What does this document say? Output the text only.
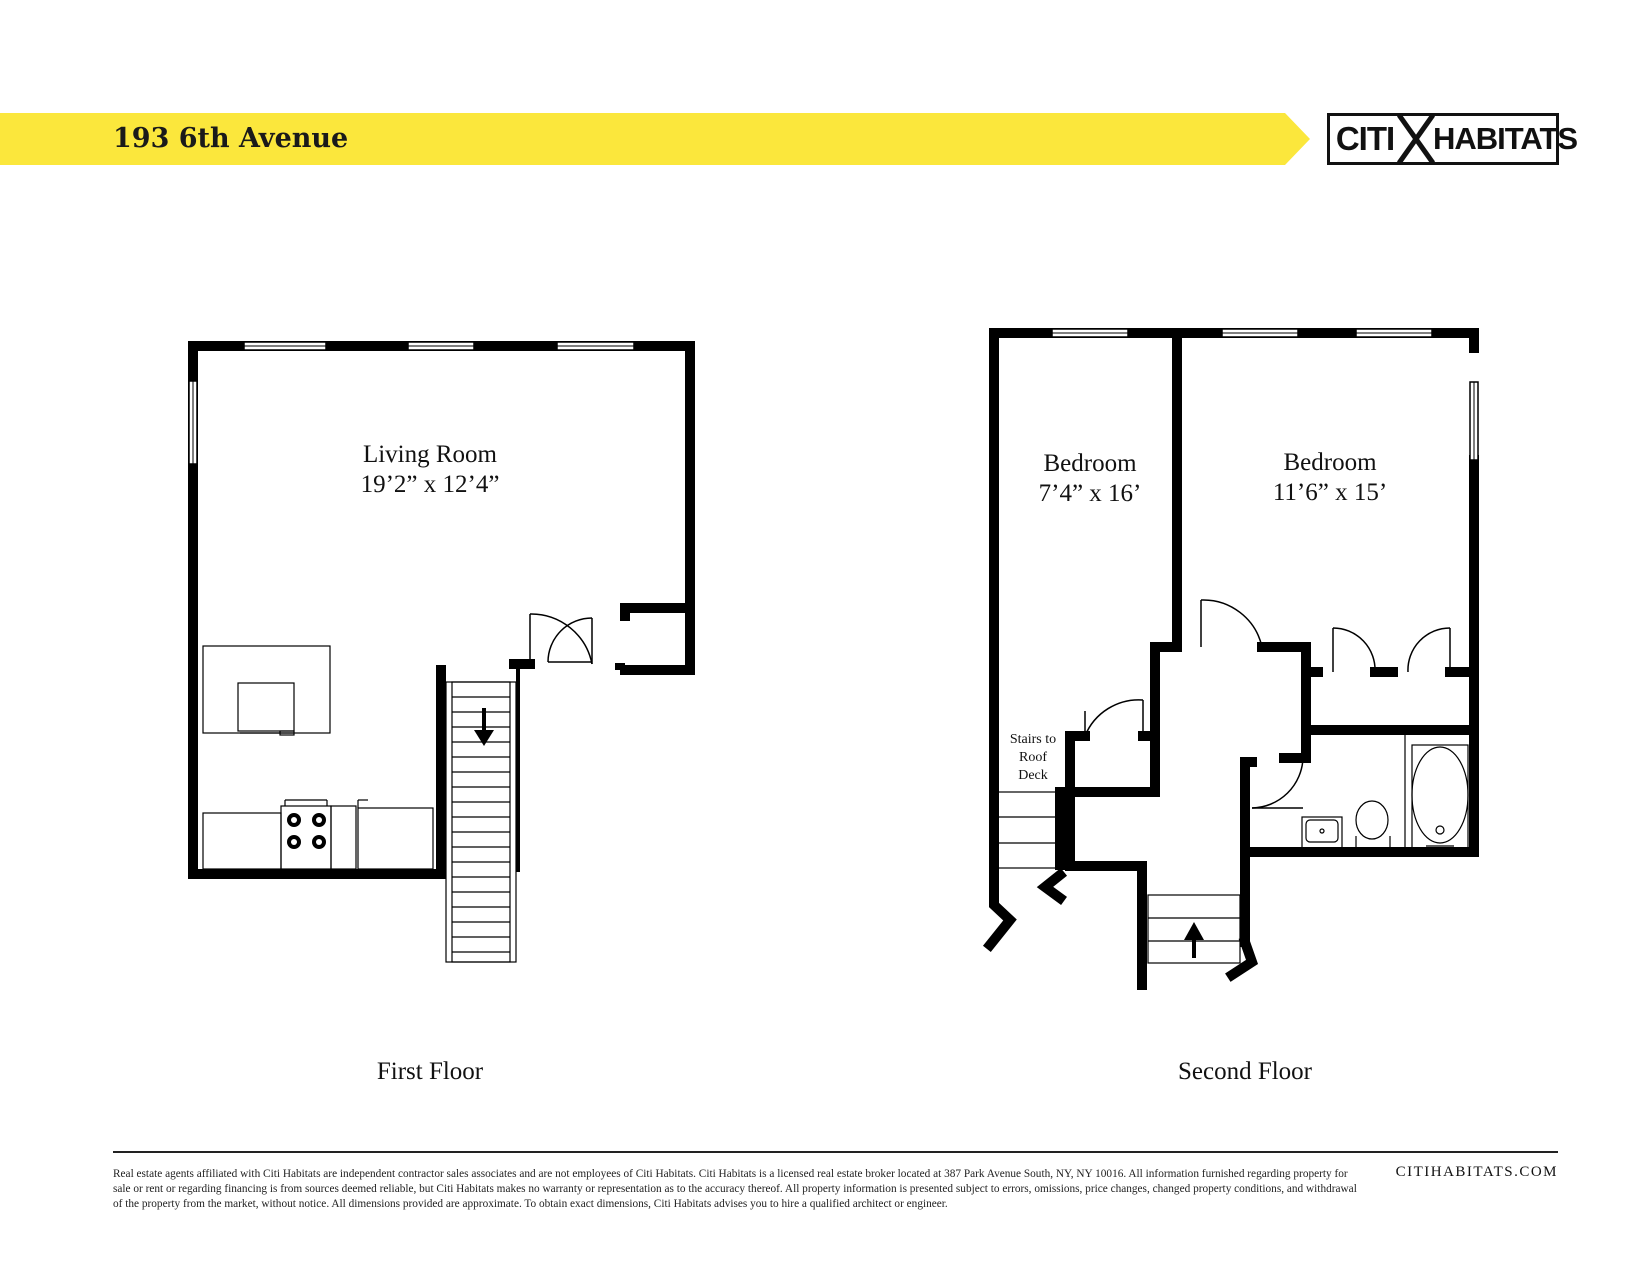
193 6th Avenue	CITI HABITATS
Living Room
19’2” x 12’4”
Bedroom
7’4” x 16’
Bedroom
11’6” x 15’
Stairs to
Roof
Deck
First Floor	Second Floor
Real estate agents affiliated with Citi Habitats are independent contractor sales associates and are not employees of Citi Habitats. Citi Habitats is a licensed real estate broker located at 387 Park Avenue South, NY, NY 10016. All information furnished regarding property for sale or rent or regarding financing is from sources deemed reliable, but Citi Habitats makes no warranty or representation as to the accuracy thereof. All property information is presented subject to errors, omissions, price changes, changed property conditions, and withdrawal of the property from the market, without notice. All dimensions provided are approximate. To obtain exact dimensions, Citi Habitats advises you to hire a qualified architect or engineer.
CITIHABITATS.COM
